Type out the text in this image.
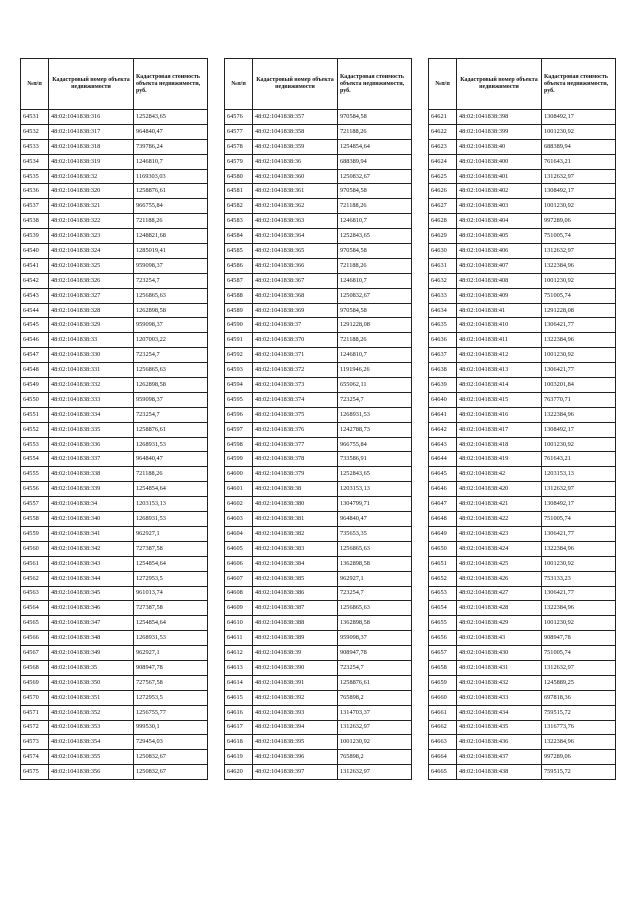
№п/п	Кадастровый номер объекта недвижимости	Кадастровая стоимость объекта недвижимости, руб.
64531	48:02:1041838:316	1252843,65
64532	48:02:1041838:317	964840,47
64533	48:02:1041838:318	739786,24
64534	48:02:1041838:319	1246810,7
64535	48:02:1041838:32	1169303,03
64536	48:02:1041838:320	1258876,61
64537	48:02:1041838:321	966755,84
64538	48:02:1041838:322	721188,26
64539	48:02:1041838:323	1248821,68
64540	48:02:1041838:324	1285019,41
64541	48:02:1041838:325	959098,37
64542	48:02:1041838:326	723254,7
64543	48:02:1041838:327	1256865,63
64544	48:02:1041838:328	1262898,58
64545	48:02:1041838:329	959098,37
64546	48:02:1041838:33	1207003,22
64547	48:02:1041838:330	723254,7
64548	48:02:1041838:331	1256865,63
64549	48:02:1041838:332	1262898,58
64550	48:02:1041838:333	959098,37
64551	48:02:1041838:334	723254,7
64552	48:02:1041838:335	1258876,61
64553	48:02:1041838:336	1268931,53
64554	48:02:1041838:337	964840,47
64555	48:02:1041838:338	721188,26
64556	48:02:1041838:339	1254854,64
64557	48:02:1041838:34	1203153,13
64558	48:02:1041838:340	1268931,53
64559	48:02:1041838:341	962927,1
64560	48:02:1041838:342	727387,58
64561	48:02:1041838:343	1254854,64
64562	48:02:1041838:344	1272953,5
64563	48:02:1041838:345	961013,74
64564	48:02:1041838:346	727387,58
64565	48:02:1041838:347	1254854,64
64566	48:02:1041838:348	1268931,53
64567	48:02:1041838:349	962927,1
64568	48:02:1041838:35	908947,78
64569	48:02:1041838:350	727567,58
64570	48:02:1041838:351	1272953,5
64571	48:02:1041838:352	1256755,77
64572	48:02:1041838:353	999530,1
64573	48:02:1041838:354	729454,03
64574	48:02:1041838:355	1250832,67
64575	48:02:1041838:356	1250832,67
№п/п	Кадастровый номер объекта недвижимости	Кадастровая стоимость объекта недвижимости, руб.
64576	48:02:1041838:357	970584,58
64577	48:02:1041838:358	721188,26
64578	48:02:1041838:359	1254854,64
64579	48:02:1041838:36	688389,94
64580	48:02:1041838:360	1250832,67
64581	48:02:1041838:361	970584,58
64582	48:02:1041838:362	721188,26
64583	48:02:1041838:363	1246810,7
64584	48:02:1041838:364	1252843,65
64585	48:02:1041838:365	970584,58
64586	48:02:1041838:366	721188,26
64587	48:02:1041838:367	1246810,7
64588	48:02:1041838:368	1250832,67
64589	48:02:1041838:369	970584,58
64590	48:02:1041838:37	1291228,08
64591	48:02:1041838:370	721188,26
64592	48:02:1041838:371	1246810,7
64593	48:02:1041838:372	1191946,26
64594	48:02:1041838:373	655062,11
64595	48:02:1041838:374	723254,7
64596	48:02:1041838:375	1268931,53
64597	48:02:1041838:376	1242788,73
64598	48:02:1041838:377	966755,84
64599	48:02:1041838:378	733586,91
64600	48:02:1041838:379	1252843,65
64601	48:02:1041838:38	1203153,13
64602	48:02:1041838:380	1304799,71
64603	48:02:1041838:381	964840,47
64604	48:02:1041838:382	735653,35
64605	48:02:1041838:383	1256865,63
64606	48:02:1041838:384	1362898,58
64607	48:02:1041838:385	962927,1
64608	48:02:1041838:386	723254,7
64609	48:02:1041838:387	1256865,63
64610	48:02:1041838:388	1362898,58
64611	48:02:1041838:389	959098,37
64612	48:02:1041838:39	908947,78
64613	48:02:1041838:390	723254,7
64614	48:02:1041838:391	1258876,61
64615	48:02:1041838:392	765898,2
64616	48:02:1041838:393	1314703,37
64617	48:02:1041838:394	1312632,97
64618	48:02:1041838:395	1001230,92
64619	48:02:1041838:396	765898,2
64620	48:02:1041838:397	1312632,97
№п/п	Кадастровый номер объекта недвижимости	Кадастровая стоимость объекта недвижимости, руб.
64621	48:02:1041838:398	1308492,17
64622	48:02:1041838:399	1001230,92
64623	48:02:1041838:40	688389,94
64624	48:02:1041838:400	761643,21
64625	48:02:1041838:401	1312632,97
64626	48:02:1041838:402	1308492,17
64627	48:02:1041838:403	1001230,92
64628	48:02:1041838:404	997289,06
64629	48:02:1041838:405	751005,74
64630	48:02:1041838:406	1312632,97
64631	48:02:1041838:407	1322384,96
64632	48:02:1041838:408	1001230,92
64633	48:02:1041838:409	751005,74
64634	48:02:1041838:41	1291228,08
64635	48:02:1041838:410	1306421,77
64636	48:02:1041838:411	1322384,96
64637	48:02:1041838:412	1001230,92
64638	48:02:1041838:413	1306421,77
64639	48:02:1041838:414	1003201,84
64640	48:02:1041838:415	763770,71
64641	48:02:1041838:416	1322384,96
64642	48:02:1041838:417	1308492,17
64643	48:02:1041838:418	1001230,92
64644	48:02:1041838:419	761643,21
64645	48:02:1041838:42	1203153,13
64646	48:02:1041838:420	1312632,97
64647	48:02:1041838:421	1308492,17
64648	48:02:1041838:422	751005,74
64649	48:02:1041838:423	1306421,77
64650	48:02:1041838:424	1322384,96
64651	48:02:1041838:425	1001230,92
64652	48:02:1041838:426	753133,23
64653	48:02:1041838:427	1306421,77
64654	48:02:1041838:428	1322384,96
64655	48:02:1041838:429	1001230,92
64656	48:02:1041838:43	908947,78
64657	48:02:1041838:430	751005,74
64658	48:02:1041838:431	1312632,97
64659	48:02:1041838:432	1245889,25
64660	48:02:1041838:433	697818,36
64661	48:02:1041838:434	759515,72
64662	48:02:1041838:435	1316773,76
64663	48:02:1041838:436	1322384,96
64664	48:02:1041838:437	997289,06
64665	48:02:1041838:438	759515,72
